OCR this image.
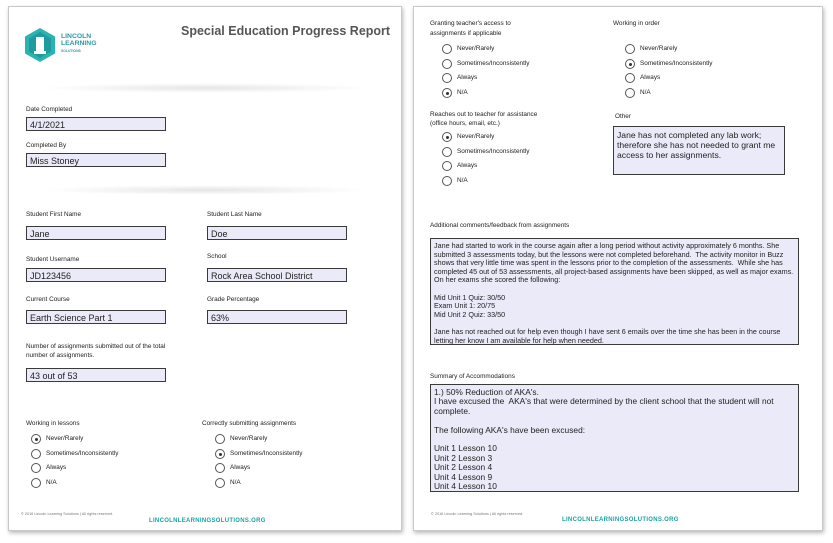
LINCOLN
LEARNING
SOLUTIONS
Special Education Progress Report
Date Completed
4/1/2021
Completed By
Miss Stoney
Student First Name
Jane
Student Last Name
Doe
Student Username
JD123456
School
Rock Area School District
Current Course
Earth Science Part 1
Grade Percentage
63%
Number of assignments submitted out of the total
number of assignments.
43 out of 53
Working in lessons
Never/Rarely
Sometimes/Inconsistently
Always
N/A
Correctly submitting assignments
Never/Rarely
Sometimes/Inconsistently
Always
N/A
© 2016 Lincoln Learning Solutions | All rights reserved.
LINCOLNLEARNINGSOLUTIONS.ORG
Granting teacher's access to
assignments if applicable
Never/Rarely
Sometimes/Inconsistently
Always
N/A
Working in order
Never/Rarely
Sometimes/Inconsistently
Always
N/A
Reaches out to teacher for assistance
(office hours, email, etc.)
Never/Rarely
Sometimes/Inconsistently
Always
N/A
Other
Jane has not completed any lab work; therefore she has not needed to grant me access to her assignments.
Additional comments/feedback from assignments
Jane had started to work in the course again after a long period without activity approximately 6 months. She submitted 3 assessments today, but the lessons were not completed beforehand.  The activity monitor in Buzz shows that very little time was spent in the lessons prior to the completion of the assessments.  While she has completed 45 out of 53 assessments, all project-based assignments have been skipped, as well as major exams.  On her exams she scored the following:

Mid Unit 1 Quiz: 30/50
Exam Unit 1: 20/75
Mid Unit 2 Quiz: 33/50

Jane has not reached out for help even though I have sent 6 emails over the time she has been in the course letting her know I am available for help when needed.
Summary of Accommodations
1.) 50% Reduction of AKA's.
I have excused the  AKA's that were determined by the client school that the student will not complete.

The following AKA's have been excused:

Unit 1 Lesson 10
Unit 2 Lesson 3
Unit 2 Lesson 4
Unit 4 Lesson 9
Unit 4 Lesson 10
© 2016 Lincoln Learning Solutions | All rights reserved.
LINCOLNLEARNINGSOLUTIONS.ORG
